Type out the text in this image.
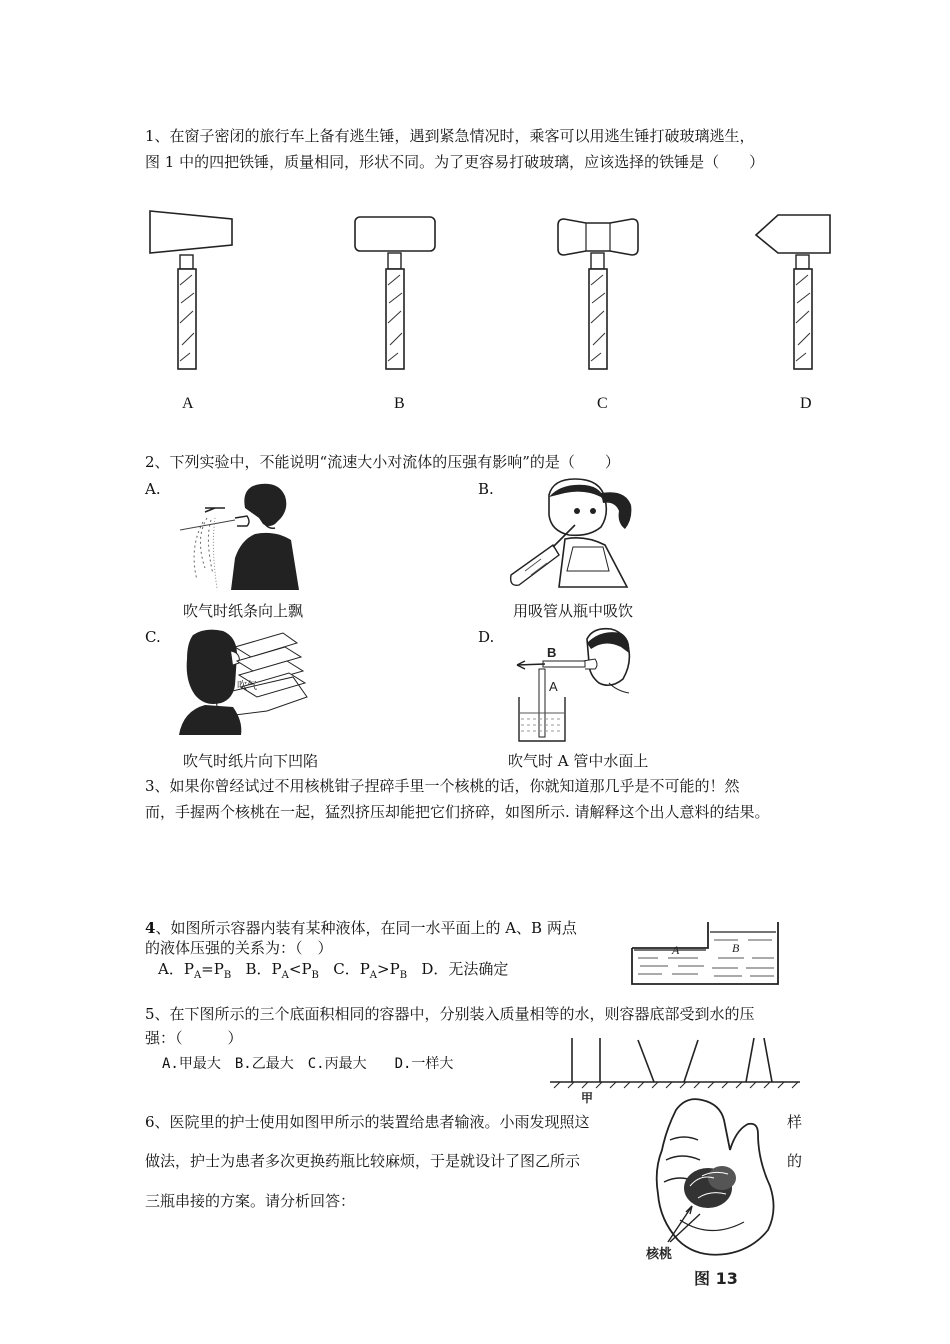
1、在窗子密闭的旅行车上备有逃生锤，遇到紧急情况时，乘客可以用逃生锤打破玻璃逃生，
图 1 中的四把铁锤，质量相同，形状不同。为了更容易打破玻璃，应该选择的铁锤是（　　）
A	B	C	D
2、下列实验中，不能说明“流速大小对流体的压强有影响”的是（　　）
A.
吹气时纸条向上飘
B.
用吸管从瓶中吸饮
C.
吹气
吹气时纸片向下凹陷
D.
B
A
吹气时 A 管中水面上
3、如果你曾经试过不用核桃钳子捏碎手里一个核桃的话，你就知道那几乎是不可能的！然
而，手握两个核桃在一起，猛烈挤压却能把它们挤碎，如图所示. 请解释这个出人意料的结果。
4、如图所示容器内装有某种液体，在同一水平面上的 A、B 两点
的液体压强的关系为：（　）
A．$P_A=P_B$ B．$P_A<P_B$ C．$P_A>P_B$ D．无法确定
A	B
5、在下图所示的三个底面积相同的容器中，分别装入质量相等的水，则容器底部受到水的压
强：（　　　）
A.甲最大　B.乙最大　C.丙最大　　D.一样大
甲
6、医院里的护士使用如图甲所示的装置给患者输液。小雨发现照这	样
做法，护士为患者多次更换药瓶比较麻烦，于是就设计了图乙所示	的
三瓶串接的方案。请分析回答：
核桃
图 13
